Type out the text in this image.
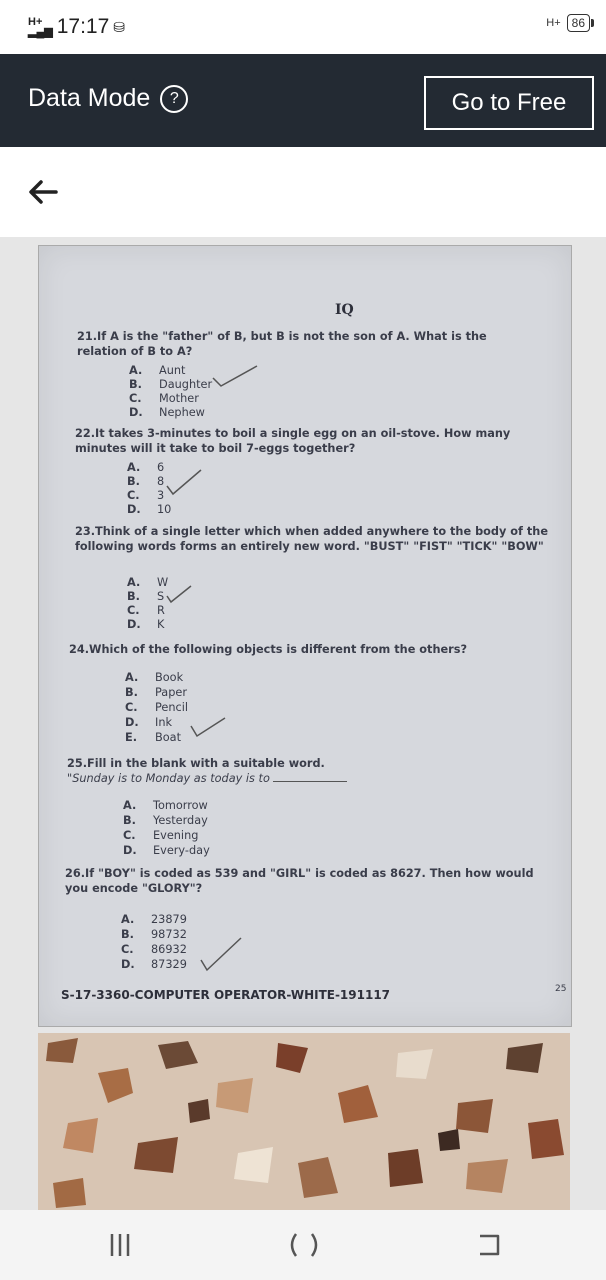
H+
▂▄▆ 17:17 ⛁	H+ 86
Data Mode	?	Go to Free
IQ
21.If A is the "father" of B, but B is not the son of A. What is the relation of B to A?
A. Aunt
B. Daughter
C. Mother
D. Nephew
22.It takes 3-minutes to boil a single egg on an oil-stove. How many minutes will it take to boil 7-eggs together?
A. 6
B. 8
C. 3
D. 10
23.Think of a single letter which when added anywhere to the body of the following words forms an entirely new word. "BUST" "FIST" "TICK" "BOW"
A. W
B. S
C. R
D. K
24.Which of the following objects is different from the others?
A. Book
B. Paper
C. Pencil
D. Ink
E. Boat
25.Fill in the blank with a suitable word.
"Sunday is to Monday as today is to
A. Tomorrow
B. Yesterday
C. Evening
D. Every-day
26.If "BOY" is coded as 539 and "GIRL" is coded as 8627. Then how would you encode "GLORY"?
A. 23879
B. 98732
C. 86932
D. 87329
S-17-3360-COMPUTER OPERATOR-WHITE-191117	25
